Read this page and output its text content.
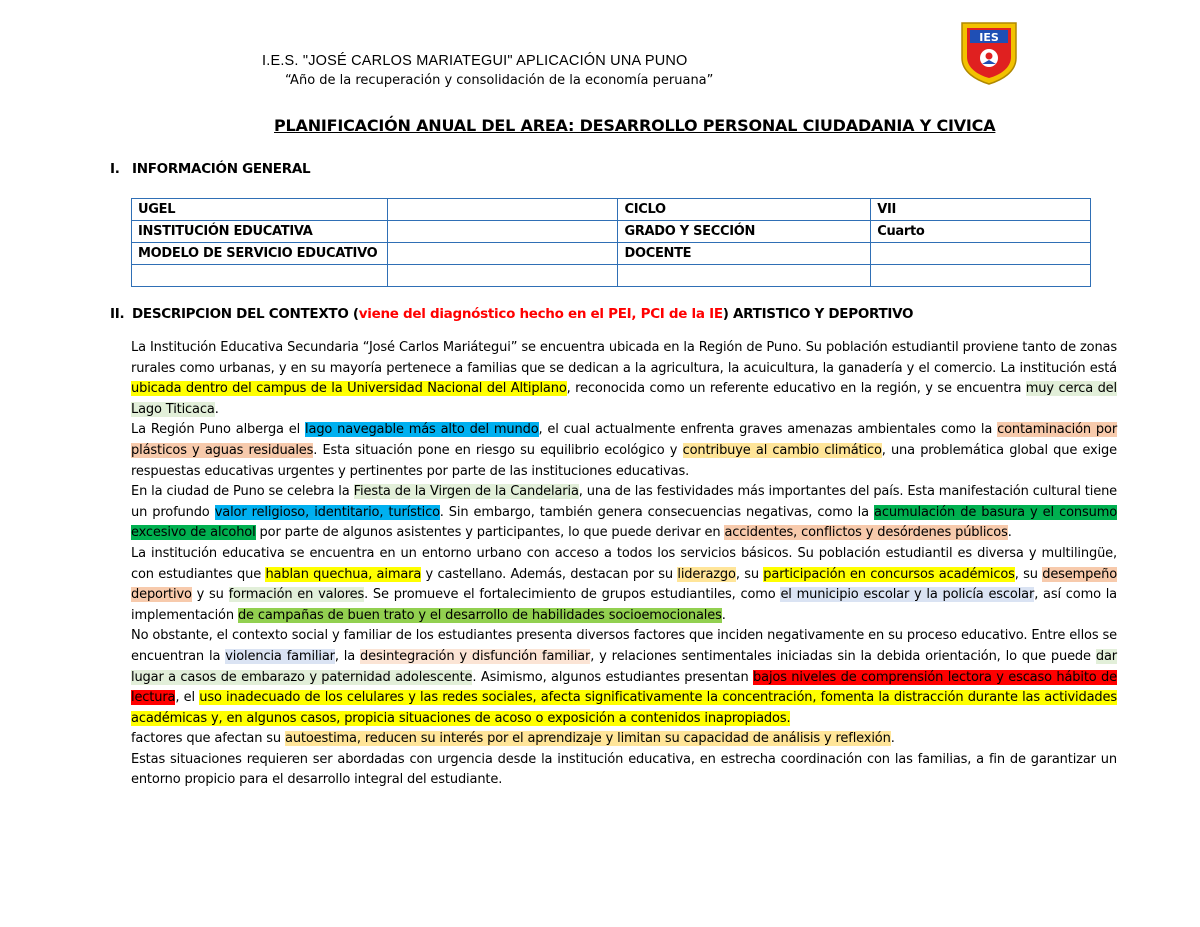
I.E.S. "JOSÉ CARLOS MARIATEGUI" APLICACIÓN UNA PUNO
“Año de la recuperación y consolidación de la economía peruana”
IES
PLANIFICACIÓN ANUAL DEL AREA: DESARROLLO PERSONAL CIUDADANIA Y CIVICA
I. INFORMACIÓN GENERAL
UGEL		CICLO	VII
INSTITUCIÓN EDUCATIVA		GRADO Y SECCIÓN	Cuarto
MODELO DE SERVICIO EDUCATIVO		DOCENTE	

II. DESCRIPCION DEL CONTEXTO (viene del diagnóstico hecho en el PEI, PCI de la IE) ARTISTICO Y DEPORTIVO

La Institución Educativa Secundaria “José Carlos Mariátegui” se encuentra ubicada en la Región de Puno. Su población estudiantil proviene tanto de zonas rurales como urbanas, y en su mayoría pertenece a familias que se dedican a la agricultura, la acuicultura, la ganadería y el comercio. La institución está ubicada dentro del campus de la Universidad Nacional del Altiplano, reconocida como un referente educativo en la región, y se encuentra muy cerca del Lago Titicaca.

La Región Puno alberga el lago navegable más alto del mundo, el cual actualmente enfrenta graves amenazas ambientales como la contaminación por plásticos y aguas residuales. Esta situación pone en riesgo su equilibrio ecológico y contribuye al cambio climático, una problemática global que exige respuestas educativas urgentes y pertinentes por parte de las instituciones educativas.

En la ciudad de Puno se celebra la Fiesta de la Virgen de la Candelaria, una de las festividades más importantes del país. Esta manifestación cultural tiene un profundo valor religioso, identitario, turístico. Sin embargo, también genera consecuencias negativas, como la acumulación de basura y el consumo excesivo de alcohol por parte de algunos asistentes y participantes, lo que puede derivar en accidentes, conflictos y desórdenes públicos.

La institución educativa se encuentra en un entorno urbano con acceso a todos los servicios básicos. Su población estudiantil es diversa y multilingüe, con estudiantes que hablan quechua, aimara y castellano. Además, destacan por su liderazgo, su participación en concursos académicos, su desempeño deportivo y su formación en valores. Se promueve el fortalecimiento de grupos estudiantiles, como el municipio escolar y la policía escolar, así como la implementación de campañas de buen trato y el desarrollo de habilidades socioemocionales.

No obstante, el contexto social y familiar de los estudiantes presenta diversos factores que inciden negativamente en su proceso educativo. Entre ellos se encuentran la violencia familiar, la desintegración y disfunción familiar, y relaciones sentimentales iniciadas sin la debida orientación, lo que puede dar lugar a casos de embarazo y paternidad adolescente. Asimismo, algunos estudiantes presentan bajos niveles de comprensión lectora y escaso hábito de lectura, el uso inadecuado de los celulares y las redes sociales, afecta significativamente la concentración, fomenta la distracción durante las actividades académicas y, en algunos casos, propicia situaciones de acoso o exposición a contenidos inapropiados.

factores que afectan su autoestima, reducen su interés por el aprendizaje y limitan su capacidad de análisis y reflexión.

Estas situaciones requieren ser abordadas con urgencia desde la institución educativa, en estrecha coordinación con las familias, a fin de garantizar un entorno propicio para el desarrollo integral del estudiante.
